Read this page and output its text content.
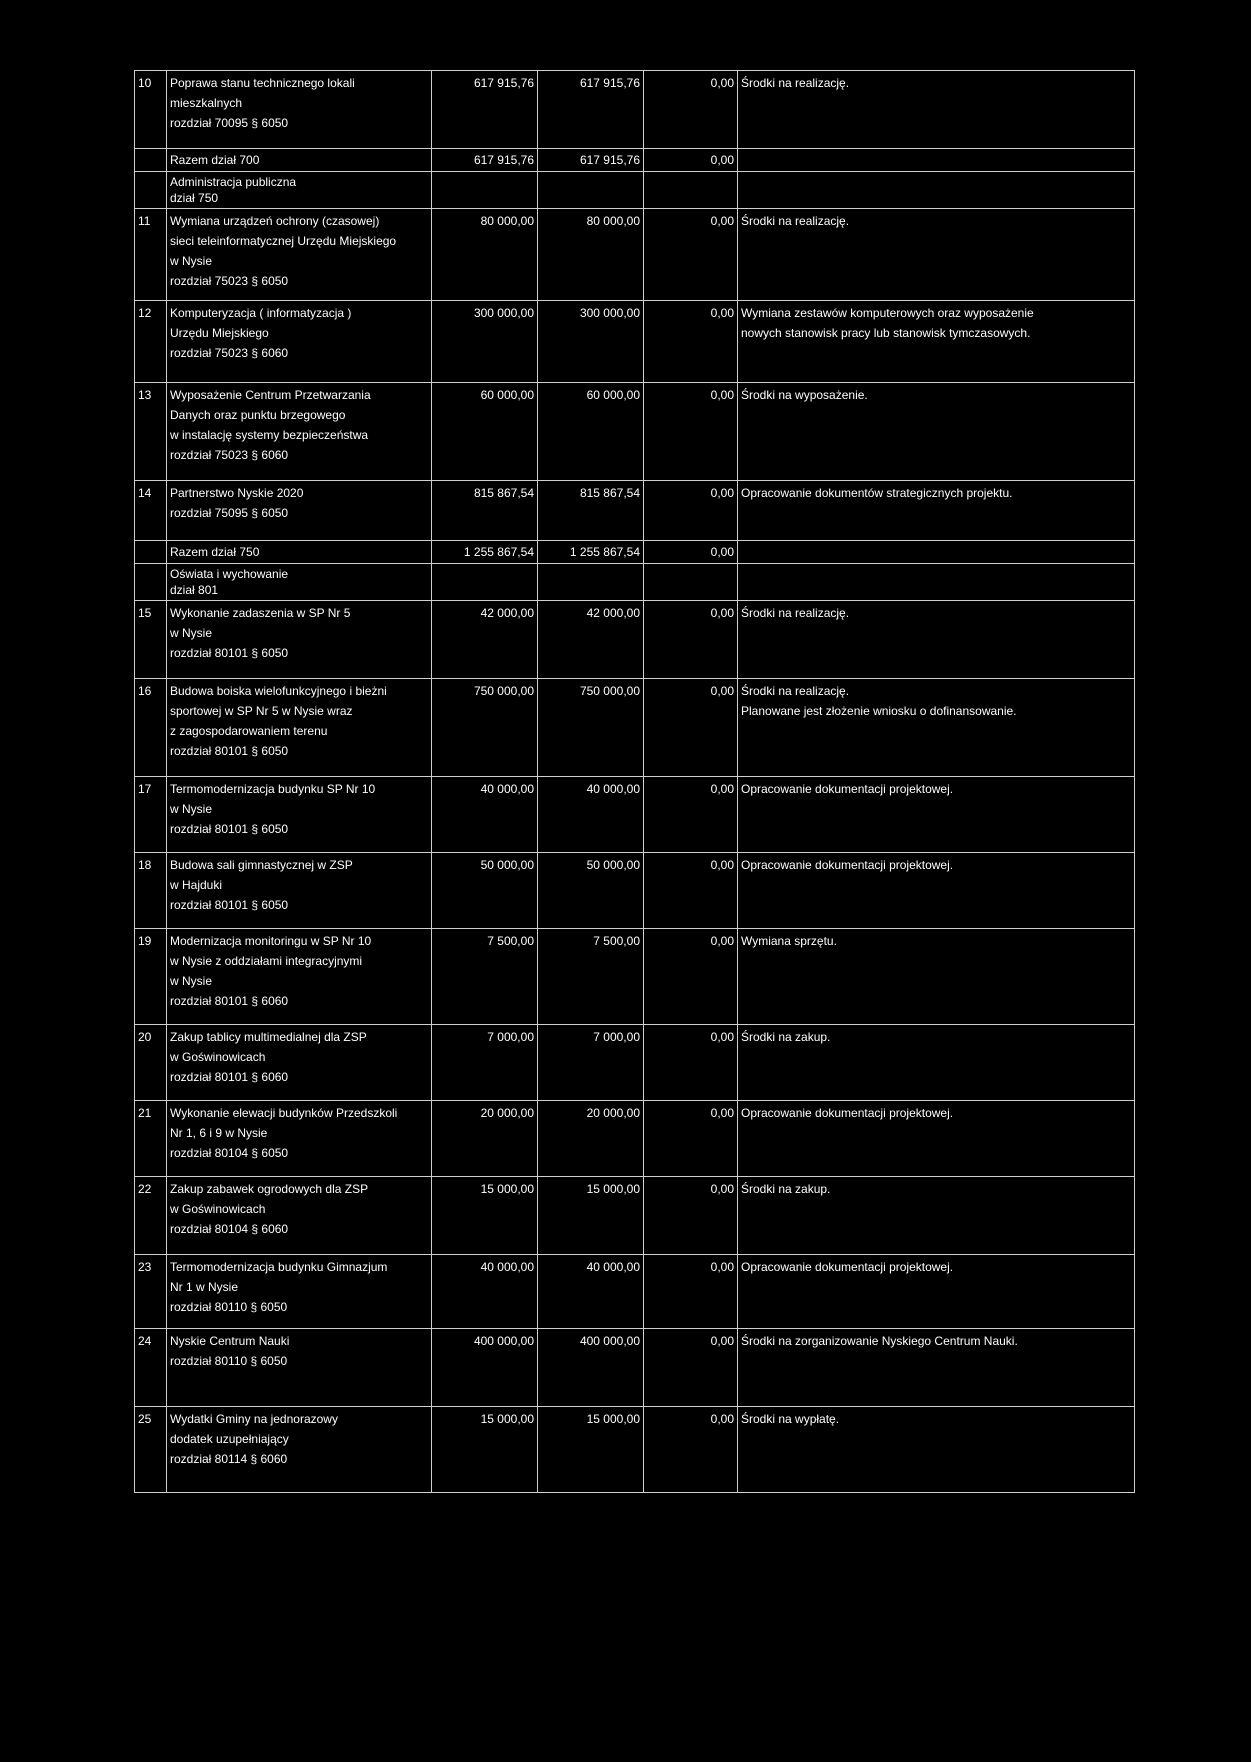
10	Poprawa stanu technicznego lokali
mieszkalnych
rozdział 70095 § 6050	617 915,76	617 915,76	0,00	Środki na realizację.

	Razem dział 700	617 915,76	617 915,76	0,00	

	Administracja publiczna
dział 750				

11	Wymiana urządzeń ochrony (czasowej)
sieci teleinformatycznej Urzędu Miejskiego
w Nysie
rozdział 75023 § 6050	80 000,00	80 000,00	0,00	Środki na realizację.

12	Komputeryzacja ( informatyzacja )
Urzędu Miejskiego
rozdział 75023 § 6060	300 000,00	300 000,00	0,00	Wymiana zestawów komputerowych oraz wyposażenie
nowych stanowisk pracy lub stanowisk tymczasowych.

13	Wyposażenie Centrum Przetwarzania
Danych oraz punktu brzegowego
w instalację systemy bezpieczeństwa
rozdział 75023 § 6060	60 000,00	60 000,00	0,00	Środki na wyposażenie.

14	Partnerstwo Nyskie 2020
rozdział 75095 § 6050	815 867,54	815 867,54	0,00	Opracowanie dokumentów strategicznych projektu.

	Razem dział 750	1 255 867,54	1 255 867,54	0,00	

	Oświata i wychowanie
dział 801				

15	Wykonanie zadaszenia w SP Nr 5
w Nysie
rozdział 80101 § 6050	42 000,00	42 000,00	0,00	Środki na realizację.

16	Budowa boiska wielofunkcyjnego i bieżni
sportowej w SP Nr 5 w Nysie wraz
z zagospodarowaniem terenu
rozdział 80101 § 6050	750 000,00	750 000,00	0,00	Środki na realizację.
Planowane jest złożenie wniosku o dofinansowanie.

17	Termomodernizacja budynku SP Nr 10
w Nysie
rozdział 80101 § 6050	40 000,00	40 000,00	0,00	Opracowanie dokumentacji projektowej.

18	Budowa sali gimnastycznej w ZSP
w Hajduki
rozdział 80101 § 6050	50 000,00	50 000,00	0,00	Opracowanie dokumentacji projektowej.

19	Modernizacja monitoringu w SP Nr 10
w Nysie z oddziałami integracyjnymi
w Nysie
rozdział 80101 § 6060	7 500,00	7 500,00	0,00	Wymiana sprzętu.

20	Zakup tablicy multimedialnej dla ZSP
w Goświnowicach
rozdział 80101 § 6060	7 000,00	7 000,00	0,00	Środki na zakup.

21	Wykonanie elewacji budynków Przedszkoli
Nr 1, 6 i 9 w Nysie
rozdział 80104 § 6050	20 000,00	20 000,00	0,00	Opracowanie dokumentacji projektowej.

22	Zakup zabawek ogrodowych dla ZSP
w Goświnowicach
rozdział 80104 § 6060	15 000,00	15 000,00	0,00	Środki na zakup.

23	Termomodernizacja budynku Gimnazjum
Nr 1 w Nysie
rozdział 80110 § 6050	40 000,00	40 000,00	0,00	Opracowanie dokumentacji projektowej.

24	Nyskie Centrum Nauki
rozdział 80110 § 6050	400 000,00	400 000,00	0,00	Środki na zorganizowanie Nyskiego Centrum Nauki.

25	Wydatki Gminy na jednorazowy
dodatek uzupełniający
rozdział 80114 § 6060	15 000,00	15 000,00	0,00	Środki na wypłatę.
